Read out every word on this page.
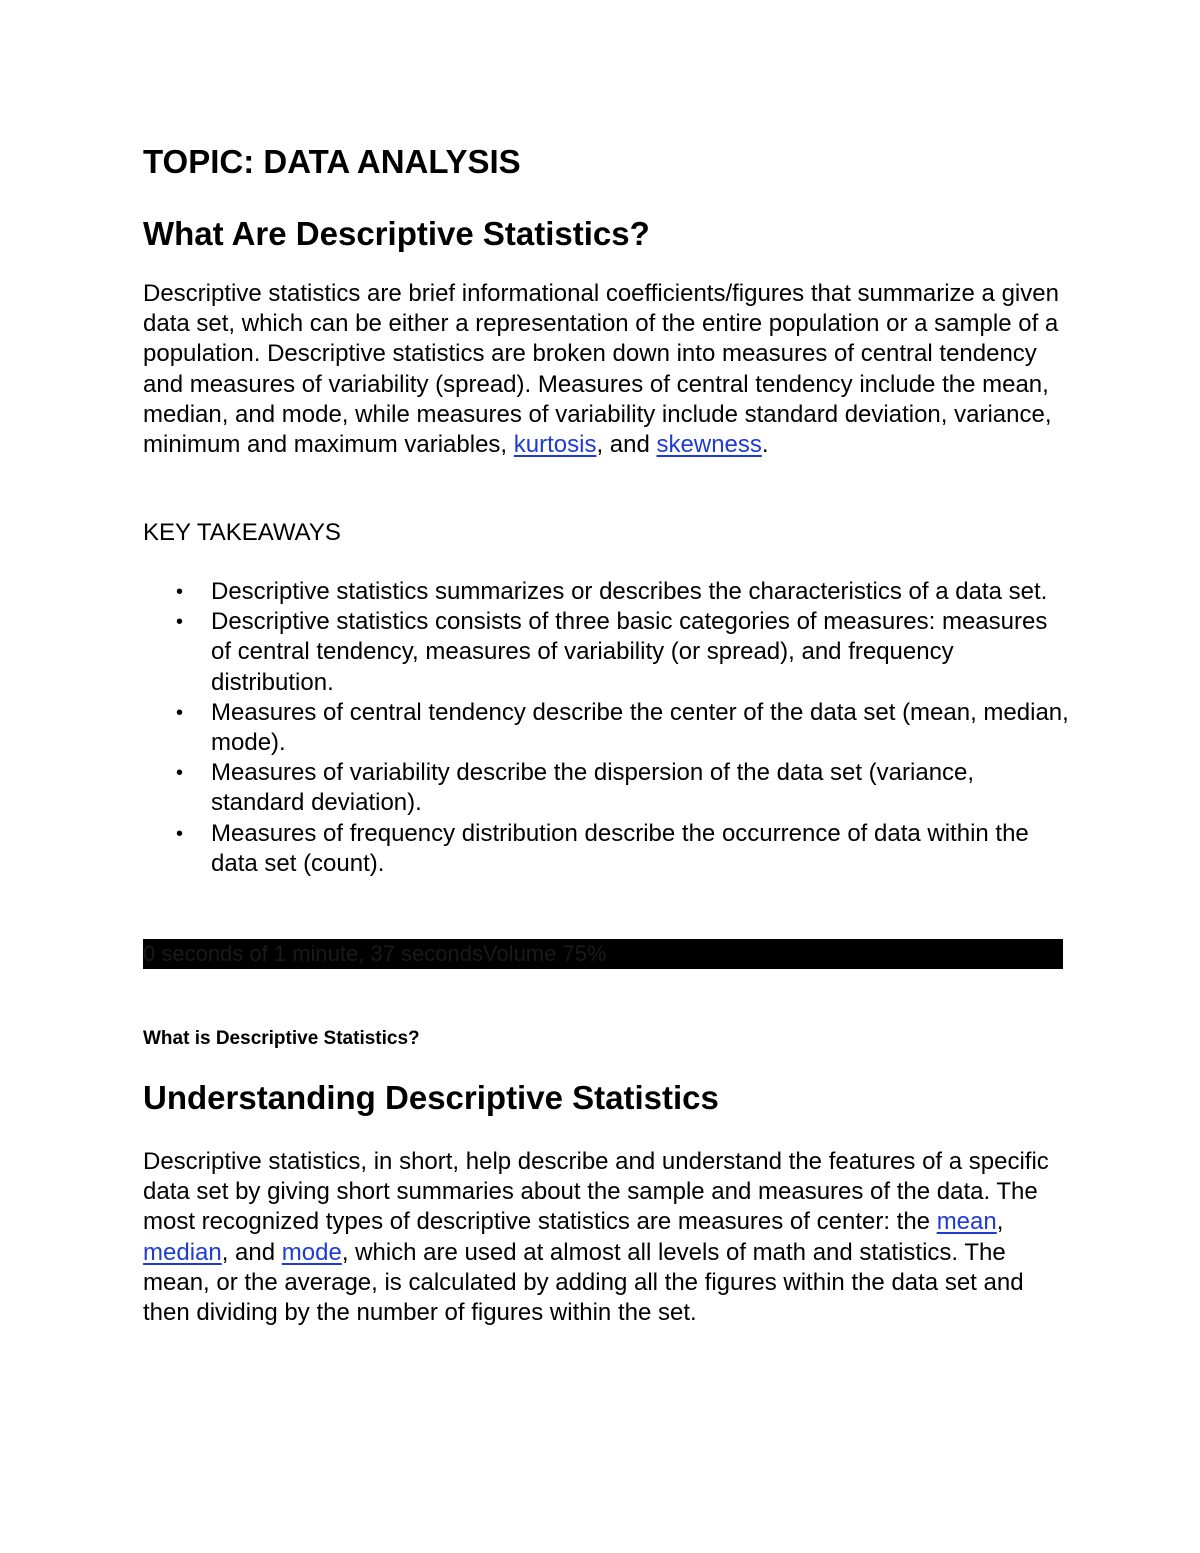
TOPIC: DATA ANALYSIS
What Are Descriptive Statistics?

Descriptive statistics are brief informational coefficients/figures that summarize a given data set, which can be either a representation of the entire population or a sample of a population. Descriptive statistics are broken down into measures of central tendency and measures of variability (spread). Measures of central tendency include the mean, median, and mode, while measures of variability include standard deviation, variance, minimum and maximum variables, kurtosis, and skewness.

KEY TAKEAWAYS

• Descriptive statistics summarizes or describes the characteristics of a data set.
• Descriptive statistics consists of three basic categories of measures: measures of central tendency, measures of variability (or spread), and frequency distribution.
• Measures of central tendency describe the center of the data set (mean, median, mode).
• Measures of variability describe the dispersion of the data set (variance, standard deviation).
• Measures of frequency distribution describe the occurrence of data within the data set (count).
0 seconds of 1 minute, 37 secondsVolume 75%

What is Descriptive Statistics?

Understanding Descriptive Statistics

Descriptive statistics, in short, help describe and understand the features of a specific data set by giving short summaries about the sample and measures of the data. The most recognized types of descriptive statistics are measures of center: the mean, median, and mode, which are used at almost all levels of math and statistics. The mean, or the average, is calculated by adding all the figures within the data set and then dividing by the number of figures within the set.
